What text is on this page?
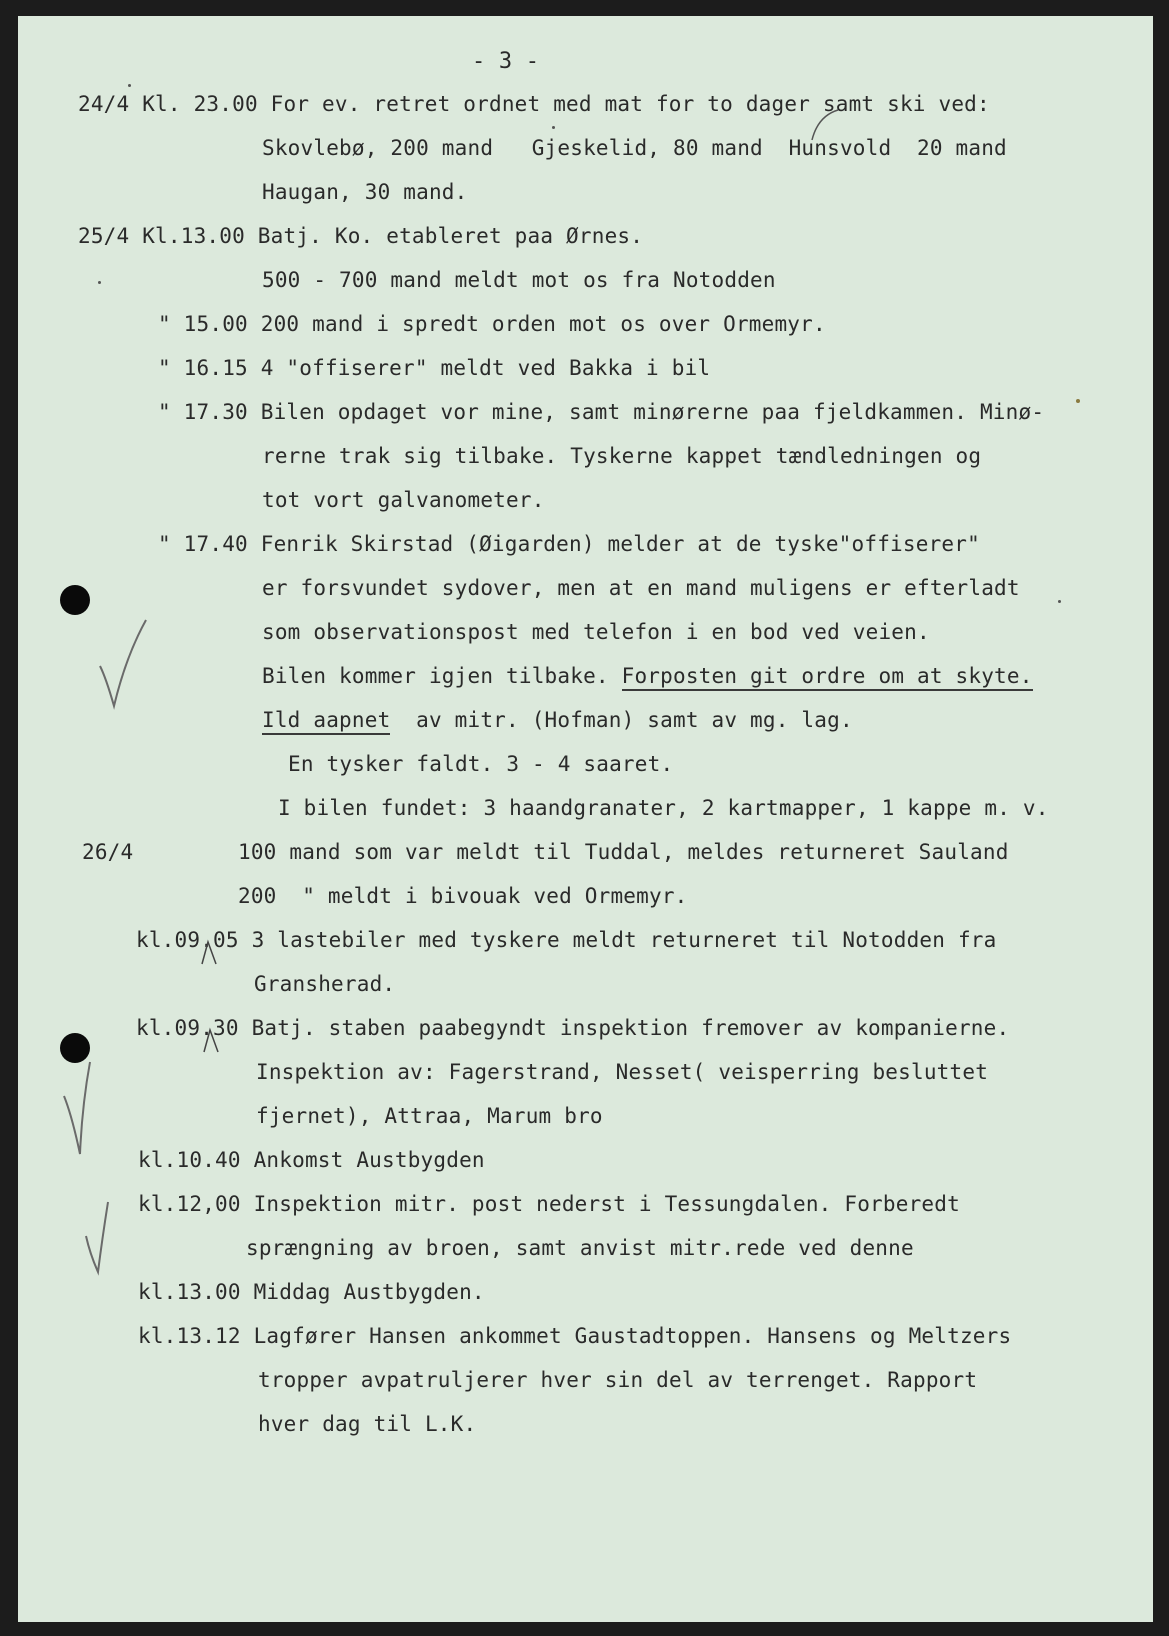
- 3 -
24/4 Kl. 23.00 For ev. retret ordnet med mat for to dager samt ski ved:
Skovlebø, 200 mand   Gjeskelid, 80 mand  Hunsvold  20 mand
Haugan, 30 mand.
25/4 Kl.13.00 Batj. Ko. etableret paa Ørnes.
500 - 700 mand meldt mot os fra Notodden
" 15.00 200 mand i spredt orden mot os over Ormemyr.
" 16.15 4 "offiserer" meldt ved Bakka i bil
" 17.30 Bilen opdaget vor mine, samt minørerne paa fjeldkammen. Minø-
rerne trak sig tilbake. Tyskerne kappet tændledningen og
tot vort galvanometer.
" 17.40 Fenrik Skirstad (Øigarden) melder at de tyske"offiserer"
er forsvundet sydover, men at en mand muligens er efterladt
som observationspost med telefon i en bod ved veien.
Bilen kommer igjen tilbake. Forposten git ordre om at skyte.
Ild aapnet  av mitr. (Hofman) samt av mg. lag.
En tysker faldt. 3 - 4 saaret.
I bilen fundet: 3 haandgranater, 2 kartmapper, 1 kappe m. v.
26/4	100 mand som var meldt til Tuddal, meldes returneret Sauland
200  " meldt i bivouak ved Ormemyr.
kl.09.05 3 lastebiler med tyskere meldt returneret til Notodden fra
Gransherad.
kl.09.30 Batj. staben paabegyndt inspektion fremover av kompanierne.
Inspektion av: Fagerstrand, Nesset( veisperring besluttet
fjernet), Attraa, Marum bro
kl.10.40 Ankomst Austbygden
kl.12,00 Inspektion mitr. post nederst i Tessungdalen. Forberedt
sprængning av broen, samt anvist mitr.rede ved denne
kl.13.00 Middag Austbygden.
kl.13.12 Lagfører Hansen ankommet Gaustadtoppen. Hansens og Meltzers
tropper avpatruljerer hver sin del av terrenget. Rapport
hver dag til L.K.
